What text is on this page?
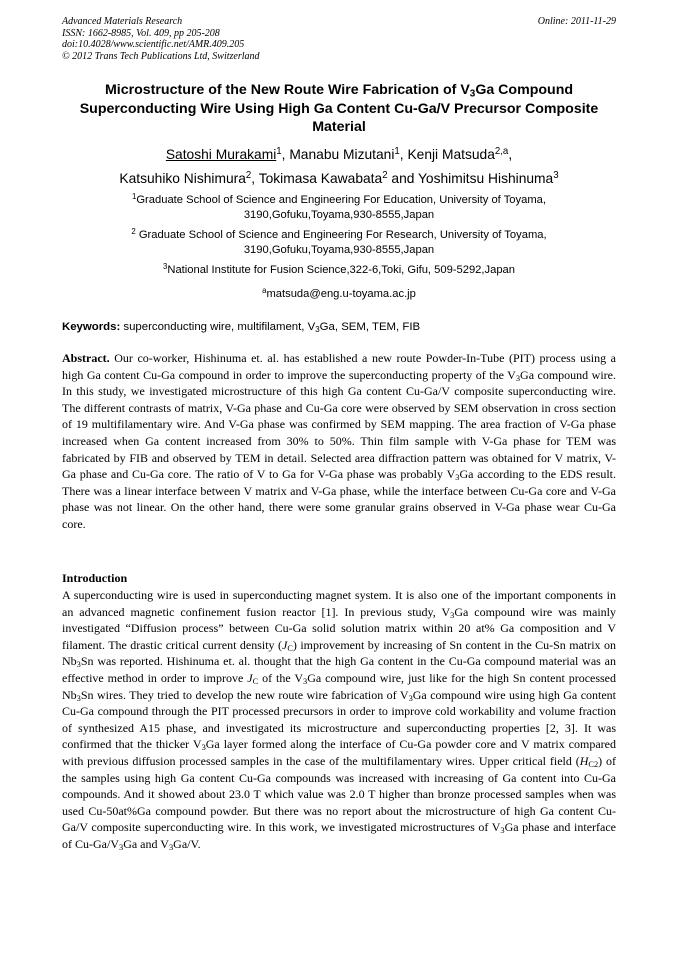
Advanced Materials Research
ISSN: 1662-8985, Vol. 409, pp 205-208
doi:10.4028/www.scientific.net/AMR.409.205
© 2012 Trans Tech Publications Ltd, Switzerland
Online: 2011-11-29
Microstructure of the New Route Wire Fabrication of $V_3Ga$ Compound Superconducting Wire Using High Ga Content Cu-Ga/V Precursor Composite Material
Satoshi Murakami$^1$, Manabu Mizutani$^1$, Kenji Matsuda$^{2,a}$,
Katsuhiko Nishimura$^2$, Tokimasa Kawabata$^2$ and Yoshimitsu Hishinuma$^3$
$^1$Graduate School of Science and Engineering For Education, University of Toyama,
3190,Gofuku,Toyama,930-8555,Japan
$^2$ Graduate School of Science and Engineering For Research, University of Toyama,
3190,Gofuku,Toyama,930-8555,Japan
$^3$National Institute for Fusion Science,322-6,Toki, Gifu, 509-5292,Japan
$^a$matsuda@eng.u-toyama.ac.jp
Keywords: superconducting wire, multifilament, $V_3Ga$, SEM, TEM, FIB
Abstract. Our co-worker, Hishinuma et. al. has established a new route Powder-In-Tube (PIT) process using a high Ga content Cu-Ga compound in order to improve the superconducting property of the $V_3Ga$ compound wire. In this study, we investigated microstructure of this high Ga content Cu-Ga/V composite superconducting wire. The different contrasts of matrix, V-Ga phase and Cu-Ga core were observed by SEM observation in cross section of 19 multifilamentary wire. And V-Ga phase was confirmed by SEM mapping. The area fraction of V-Ga phase increased when Ga content increased from 30% to 50%. Thin film sample with V-Ga phase for TEM was fabricated by FIB and observed by TEM in detail. Selected area diffraction pattern was obtained for V matrix, V-Ga phase and Cu-Ga core. The ratio of V to Ga for V-Ga phase was probably $V_3Ga$ according to the EDS result. There was a linear interface between V matrix and V-Ga phase, while the interface between Cu-Ga core and V-Ga phase was not linear. On the other hand, there were some granular grains observed in V-Ga phase wear Cu-Ga core.
Introduction
A superconducting wire is used in superconducting magnet system. It is also one of the important components in an advanced magnetic confinement fusion reactor [1]. In previous study, $V_3Ga$ compound wire was mainly investigated “Diffusion process” between Cu-Ga solid solution matrix within 20 at% Ga composition and V filament. The drastic critical current density $(J_C)$ improvement by increasing of Sn content in the Cu-Sn matrix on $Nb_3Sn$ was reported. Hishinuma et. al. thought that the high Ga content in the Cu-Ga compound material was an effective method in order to improve $J_C$ of the $V_3Ga$ compound wire, just like for the high Sn content processed $Nb_3Sn$ wires. They tried to develop the new route wire fabrication of $V_3Ga$ compound wire using high Ga content Cu-Ga compound through the PIT processed precursors in order to improve cold workability and volume fraction of synthesized A15 phase, and investigated its microstructure and superconducting properties [2, 3]. It was confirmed that the thicker $V_3Ga$ layer formed along the interface of Cu-Ga powder core and V matrix compared with previous diffusion processed samples in the case of the multifilamentary wires. Upper critical field $(H_{C2})$ of the samples using high Ga content Cu-Ga compounds was increased with increasing of Ga content into Cu-Ga compounds. And it showed about 23.0 T which value was 2.0 T higher than bronze processed samples when was used Cu-50at%Ga compound powder. But there was no report about the microstructure of high Ga content Cu-Ga/V composite superconducting wire. In this work, we investigated microstructures of $V_3Ga$ phase and interface of $Cu-Ga/V_3Ga$ and $V_3Ga/V$.
